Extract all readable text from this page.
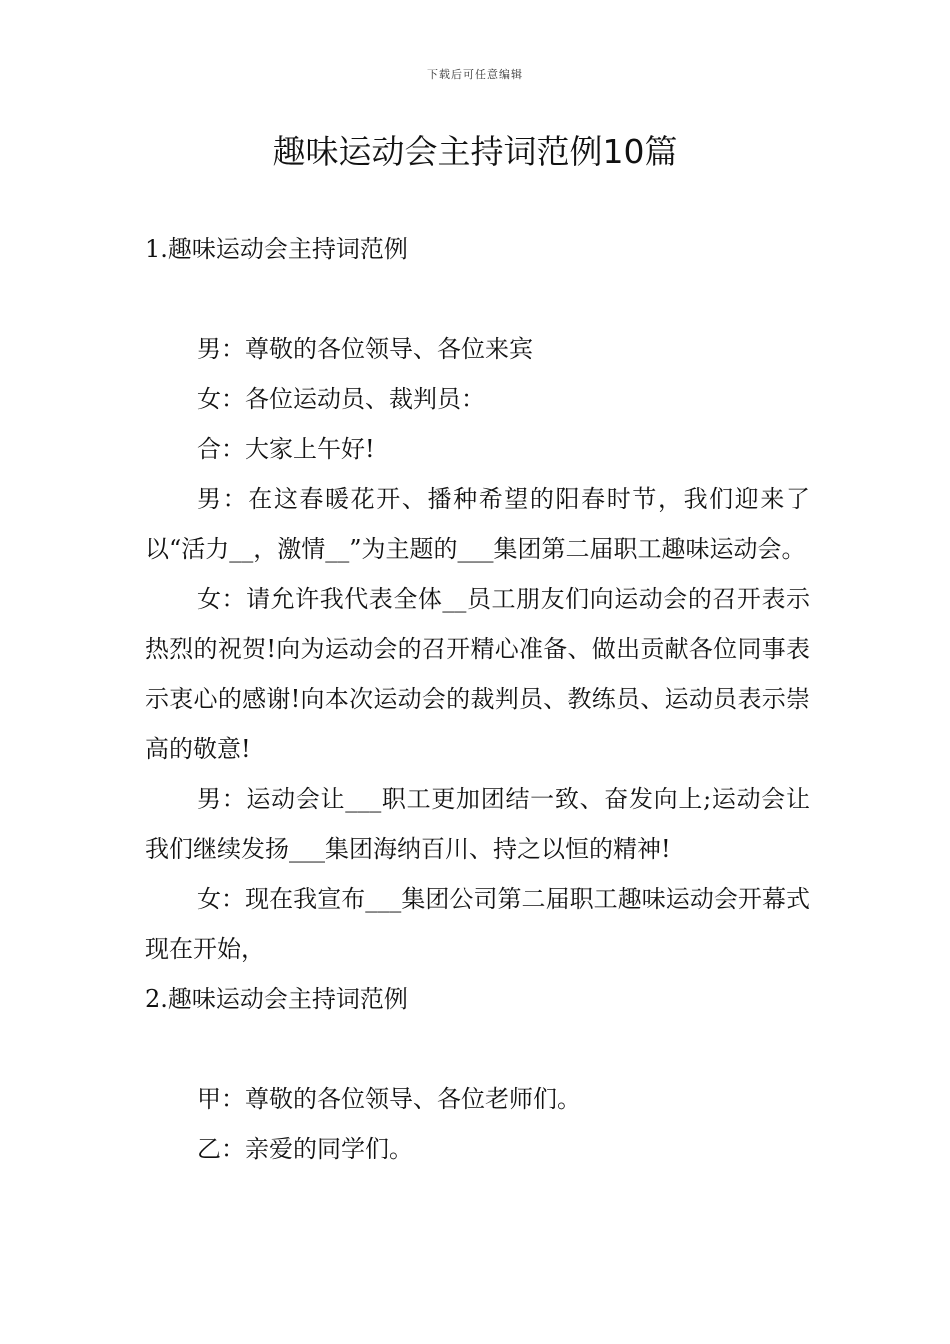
下载后可任意编辑
趣味运动会主持词范例10篇

1.趣味运动会主持词范例

男：尊敬的各位领导、各位来宾

女：各位运动员、裁判员：

合：大家上午好!

男：在这春暖花开、播种希望的阳春时节，我们迎来了以“活力__，激情__”为主题的___集团第二届职工趣味运动会。

女：请允许我代表全体__员工朋友们向运动会的召开表示热烈的祝贺!向为运动会的召开精心准备、做出贡献各位同事表示衷心的感谢!向本次运动会的裁判员、教练员、运动员表示崇高的敬意!

男：运动会让___职工更加团结一致、奋发向上;运动会让我们继续发扬___集团海纳百川、持之以恒的精神!

女：现在我宣布___集团公司第二届职工趣味运动会开幕式现在开始，

2.趣味运动会主持词范例

甲：尊敬的各位领导、各位老师们。

乙：亲爱的同学们。
